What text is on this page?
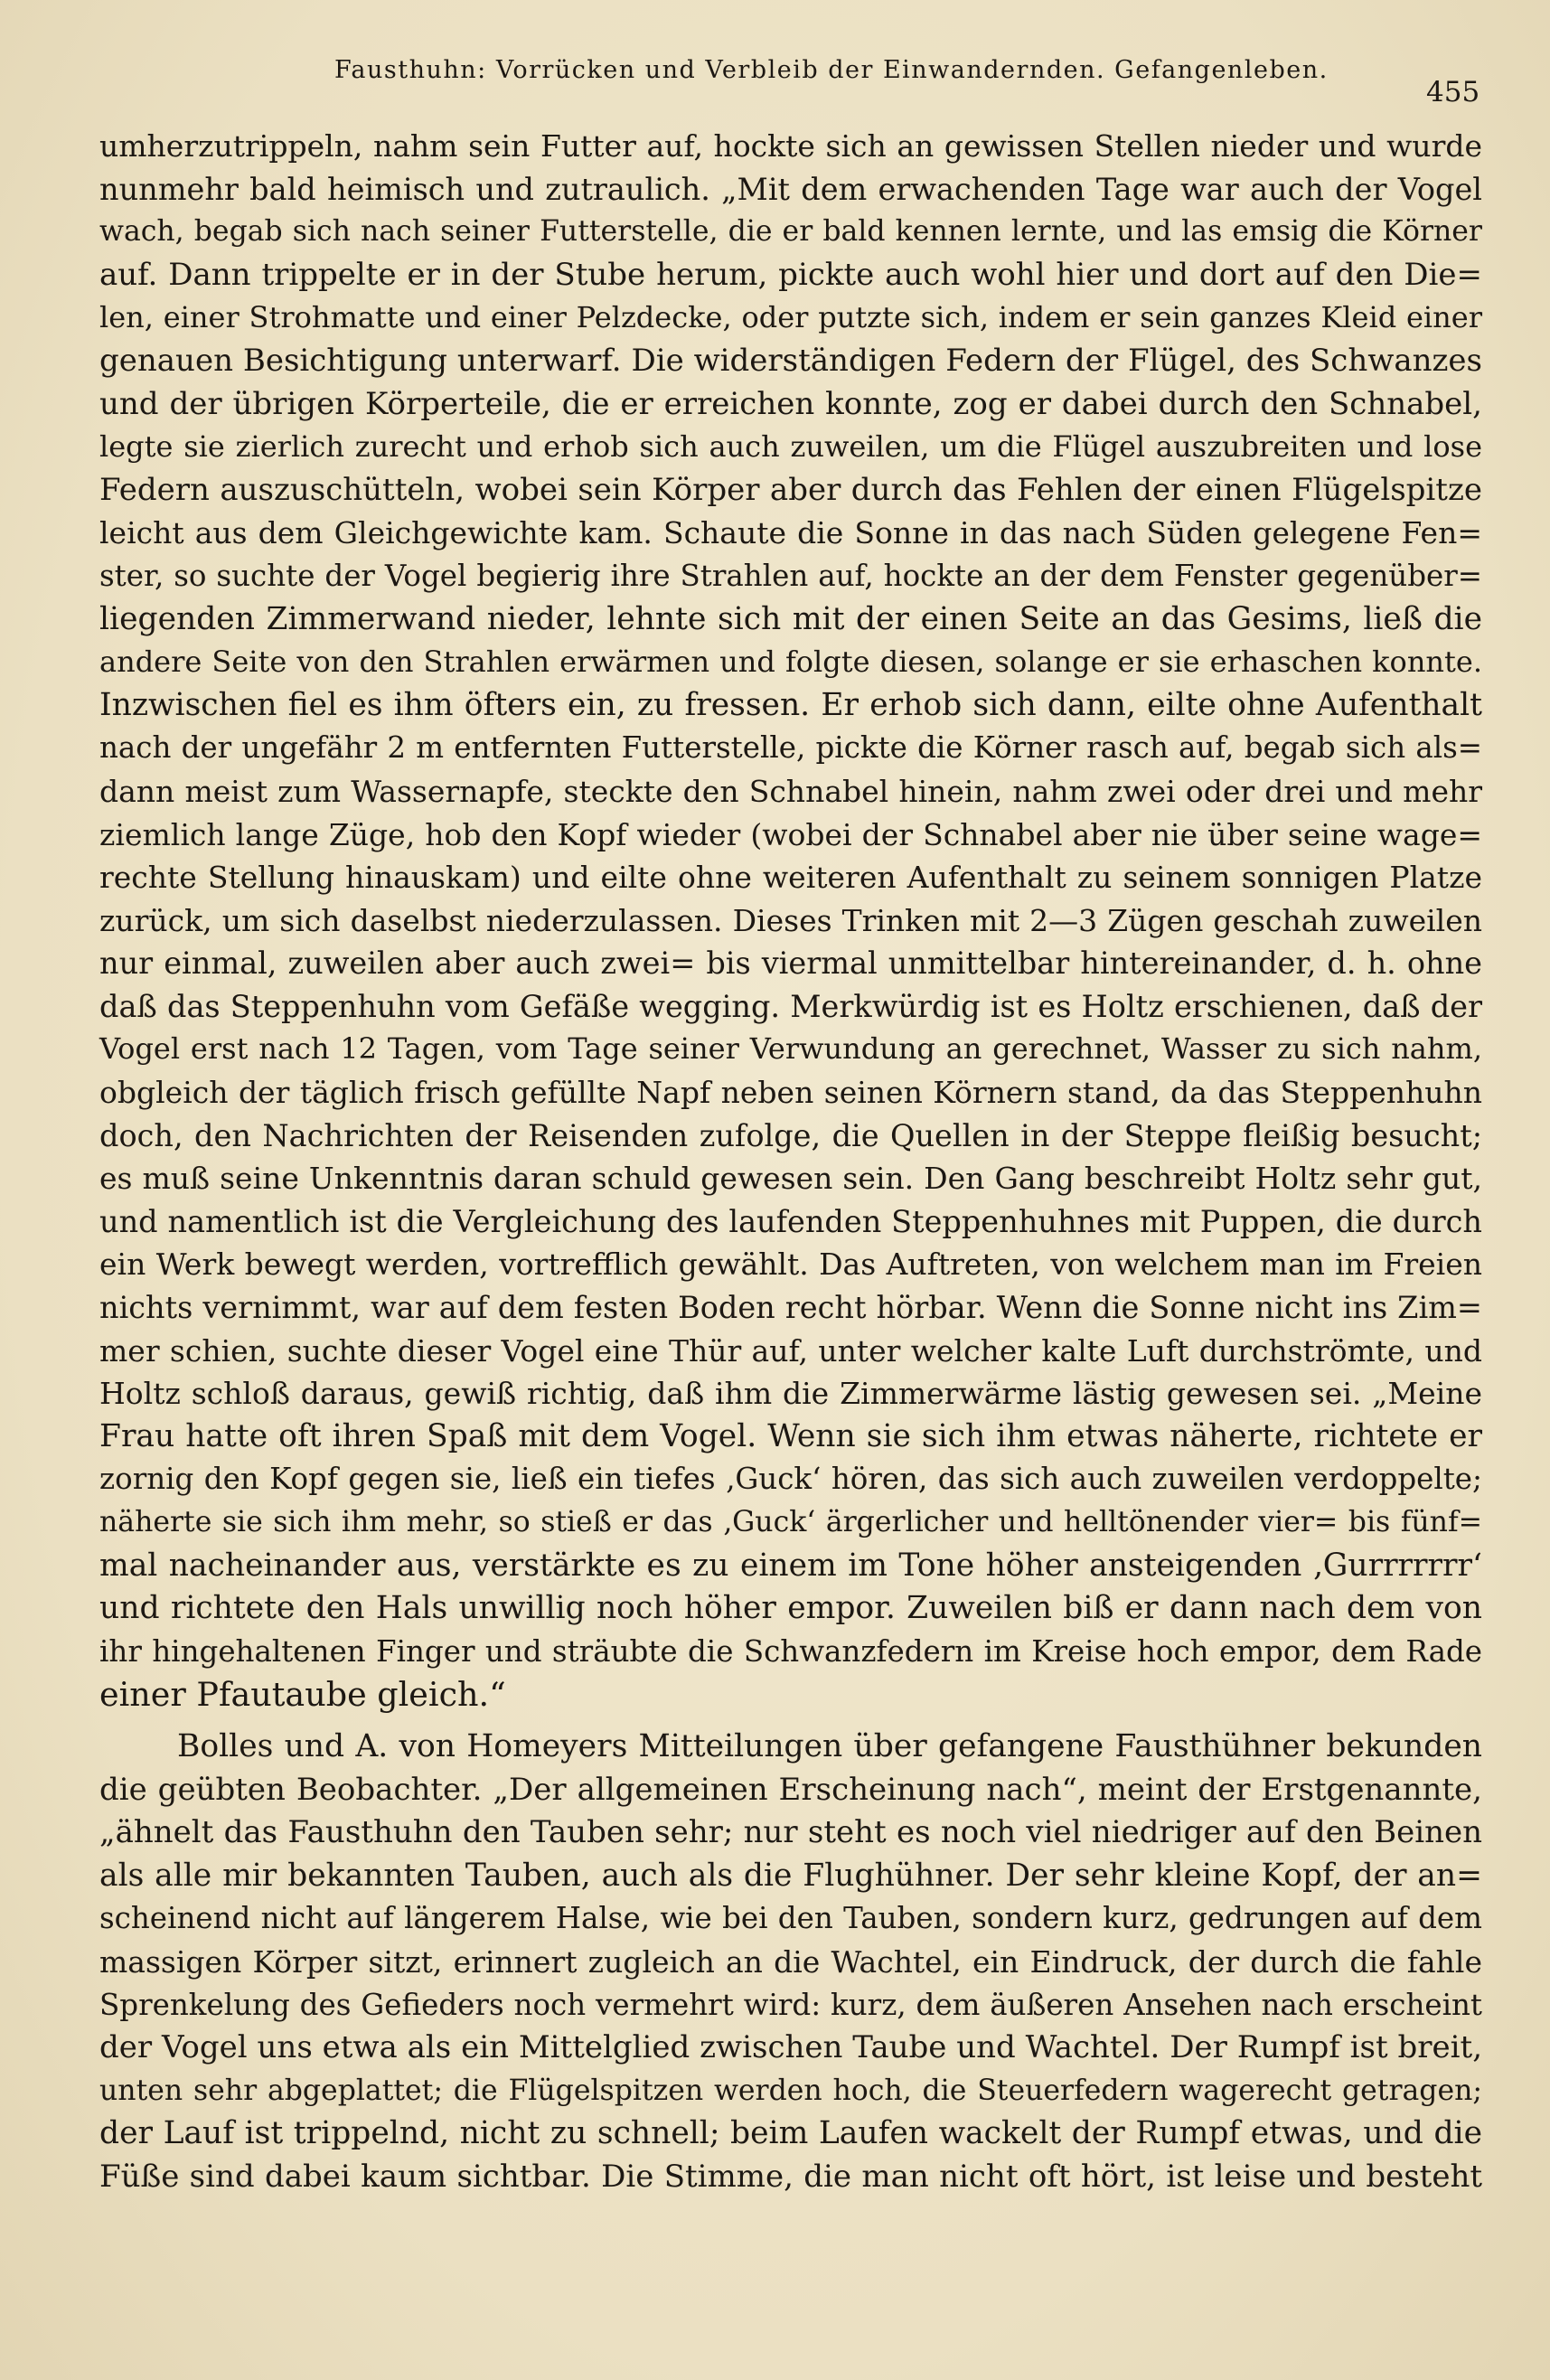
Fausthuhn: Vorrücken und Verbleib der Einwandernden. Gefangenleben.
455
umherzutrippeln, nahm sein Futter auf, hockte sich an gewissen Stellen nieder und wurde
nunmehr bald heimisch und zutraulich. „Mit dem erwachenden Tage war auch der Vogel
wach, begab sich nach seiner Futterstelle, die er bald kennen lernte, und las emsig die Körner
auf. Dann trippelte er in der Stube herum, pickte auch wohl hier und dort auf den Die=
len, einer Strohmatte und einer Pelzdecke, oder putzte sich, indem er sein ganzes Kleid einer
genauen Besichtigung unterwarf. Die widerständigen Federn der Flügel, des Schwanzes
und der übrigen Körperteile, die er erreichen konnte, zog er dabei durch den Schnabel,
legte sie zierlich zurecht und erhob sich auch zuweilen, um die Flügel auszubreiten und lose
Federn auszuschütteln, wobei sein Körper aber durch das Fehlen der einen Flügelspitze
leicht aus dem Gleichgewichte kam. Schaute die Sonne in das nach Süden gelegene Fen=
ster, so suchte der Vogel begierig ihre Strahlen auf, hockte an der dem Fenster gegenüber=
liegenden Zimmerwand nieder, lehnte sich mit der einen Seite an das Gesims, ließ die
andere Seite von den Strahlen erwärmen und folgte diesen, solange er sie erhaschen konnte.
Inzwischen fiel es ihm öfters ein, zu fressen. Er erhob sich dann, eilte ohne Aufenthalt
nach der ungefähr 2 m entfernten Futterstelle, pickte die Körner rasch auf, begab sich als=
dann meist zum Wassernapfe, steckte den Schnabel hinein, nahm zwei oder drei und mehr
ziemlich lange Züge, hob den Kopf wieder (wobei der Schnabel aber nie über seine wage=
rechte Stellung hinauskam) und eilte ohne weiteren Aufenthalt zu seinem sonnigen Platze
zurück, um sich daselbst niederzulassen. Dieses Trinken mit 2—3 Zügen geschah zuweilen
nur einmal, zuweilen aber auch zwei= bis viermal unmittelbar hintereinander, d. h. ohne
daß das Steppenhuhn vom Gefäße wegging. Merkwürdig ist es Holtz erschienen, daß der
Vogel erst nach 12 Tagen, vom Tage seiner Verwundung an gerechnet, Wasser zu sich nahm,
obgleich der täglich frisch gefüllte Napf neben seinen Körnern stand, da das Steppenhuhn
doch, den Nachrichten der Reisenden zufolge, die Quellen in der Steppe fleißig besucht;
es muß seine Unkenntnis daran schuld gewesen sein. Den Gang beschreibt Holtz sehr gut,
und namentlich ist die Vergleichung des laufenden Steppenhuhnes mit Puppen, die durch
ein Werk bewegt werden, vortrefflich gewählt. Das Auftreten, von welchem man im Freien
nichts vernimmt, war auf dem festen Boden recht hörbar. Wenn die Sonne nicht ins Zim=
mer schien, suchte dieser Vogel eine Thür auf, unter welcher kalte Luft durchströmte, und
Holtz schloß daraus, gewiß richtig, daß ihm die Zimmerwärme lästig gewesen sei. „Meine
Frau hatte oft ihren Spaß mit dem Vogel. Wenn sie sich ihm etwas näherte, richtete er
zornig den Kopf gegen sie, ließ ein tiefes ‚Guck‘ hören, das sich auch zuweilen verdoppelte;
näherte sie sich ihm mehr, so stieß er das ‚Guck‘ ärgerlicher und helltönender vier= bis fünf=
mal nacheinander aus, verstärkte es zu einem im Tone höher ansteigenden ‚Gurrrrrrr‘
und richtete den Hals unwillig noch höher empor. Zuweilen biß er dann nach dem von
ihr hingehaltenen Finger und sträubte die Schwanzfedern im Kreise hoch empor, dem Rade
einer Pfautaube gleich.“
Bolles und A. von Homeyers Mitteilungen über gefangene Fausthühner bekunden
die geübten Beobachter. „Der allgemeinen Erscheinung nach“, meint der Erstgenannte,
„ähnelt das Fausthuhn den Tauben sehr; nur steht es noch viel niedriger auf den Beinen
als alle mir bekannten Tauben, auch als die Flughühner. Der sehr kleine Kopf, der an=
scheinend nicht auf längerem Halse, wie bei den Tauben, sondern kurz, gedrungen auf dem
massigen Körper sitzt, erinnert zugleich an die Wachtel, ein Eindruck, der durch die fahle
Sprenkelung des Gefieders noch vermehrt wird: kurz, dem äußeren Ansehen nach erscheint
der Vogel uns etwa als ein Mittelglied zwischen Taube und Wachtel. Der Rumpf ist breit,
unten sehr abgeplattet; die Flügelspitzen werden hoch, die Steuerfedern wagerecht getragen;
der Lauf ist trippelnd, nicht zu schnell; beim Laufen wackelt der Rumpf etwas, und die
Füße sind dabei kaum sichtbar. Die Stimme, die man nicht oft hört, ist leise und besteht
